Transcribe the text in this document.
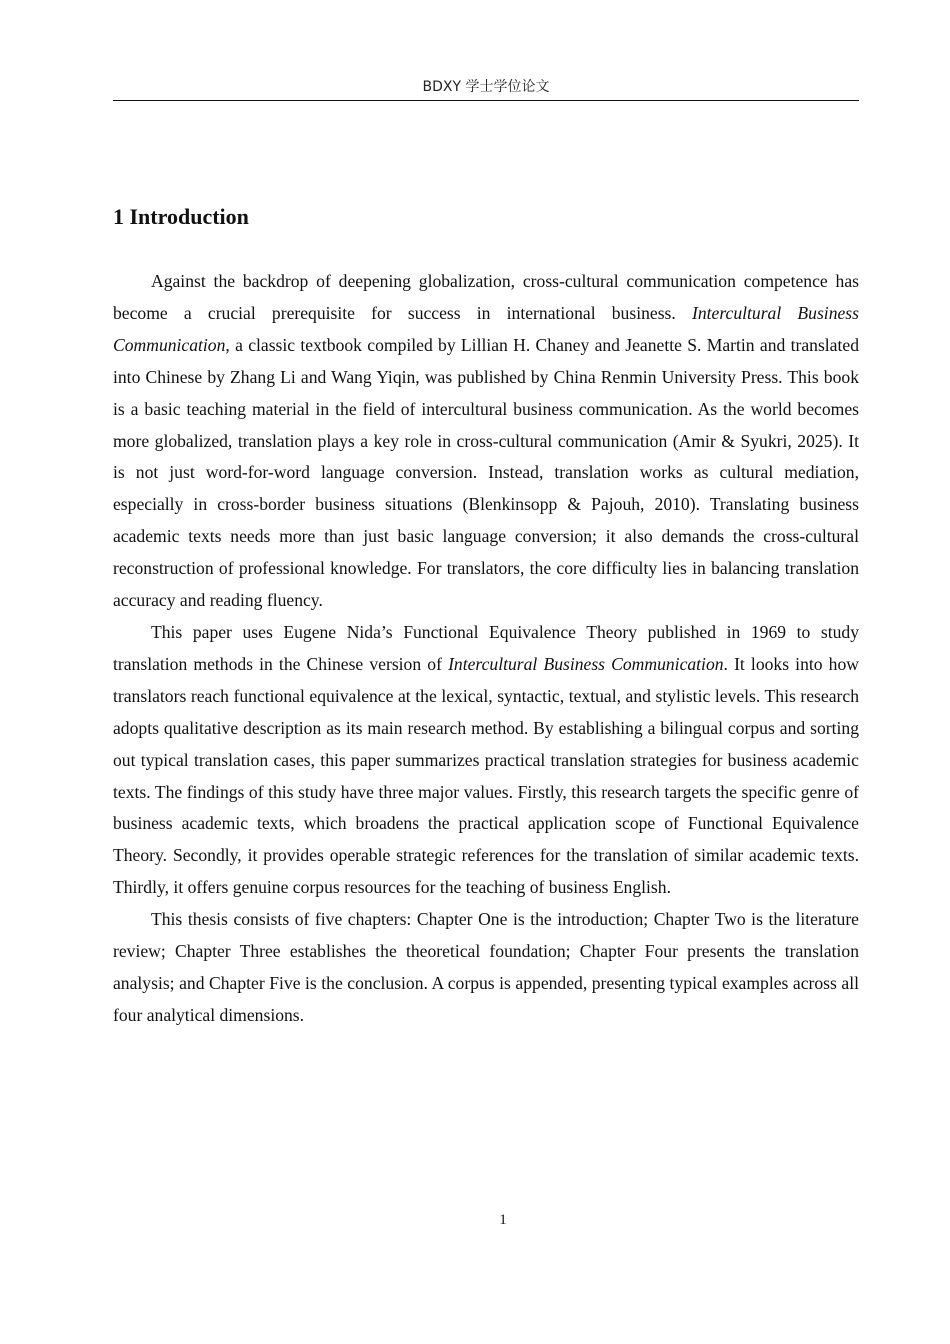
BDXY 学士学位论文
1 Introduction

Against the backdrop of deepening globalization, cross-cultural communication competence has become a crucial prerequisite for success in international business. Intercultural Business Communication, a classic textbook compiled by Lillian H. Chaney and Jeanette S. Martin and translated into Chinese by Zhang Li and Wang Yiqin, was published by China Renmin University Press. This book is a basic teaching material in the field of intercultural business communication. As the world becomes more globalized, translation plays a key role in cross-cultural communication (Amir & Syukri, 2025). It is not just word-for-word language conversion. Instead, translation works as cultural mediation, especially in cross-border business situations (Blenkinsopp & Pajouh, 2010). Translating business academic texts needs more than just basic language conversion; it also demands the cross-cultural reconstruction of professional knowledge. For translators, the core difficulty lies in balancing translation accuracy and reading fluency.

This paper uses Eugene Nida’s Functional Equivalence Theory published in 1969 to study translation methods in the Chinese version of Intercultural Business Communication. It looks into how translators reach functional equivalence at the lexical, syntactic, textual, and stylistic levels. This research adopts qualitative description as its main research method. By establishing a bilingual corpus and sorting out typical translation cases, this paper summarizes practical translation strategies for business academic texts. The findings of this study have three major values. Firstly, this research targets the specific genre of business academic texts, which broadens the practical application scope of Functional Equivalence Theory. Secondly, it provides operable strategic references for the translation of similar academic texts. Thirdly, it offers genuine corpus resources for the teaching of business English.

This thesis consists of five chapters: Chapter One is the introduction; Chapter Two is the literature review; Chapter Three establishes the theoretical foundation; Chapter Four presents the translation analysis; and Chapter Five is the conclusion. A corpus is appended, presenting typical examples across all four analytical dimensions.

1
